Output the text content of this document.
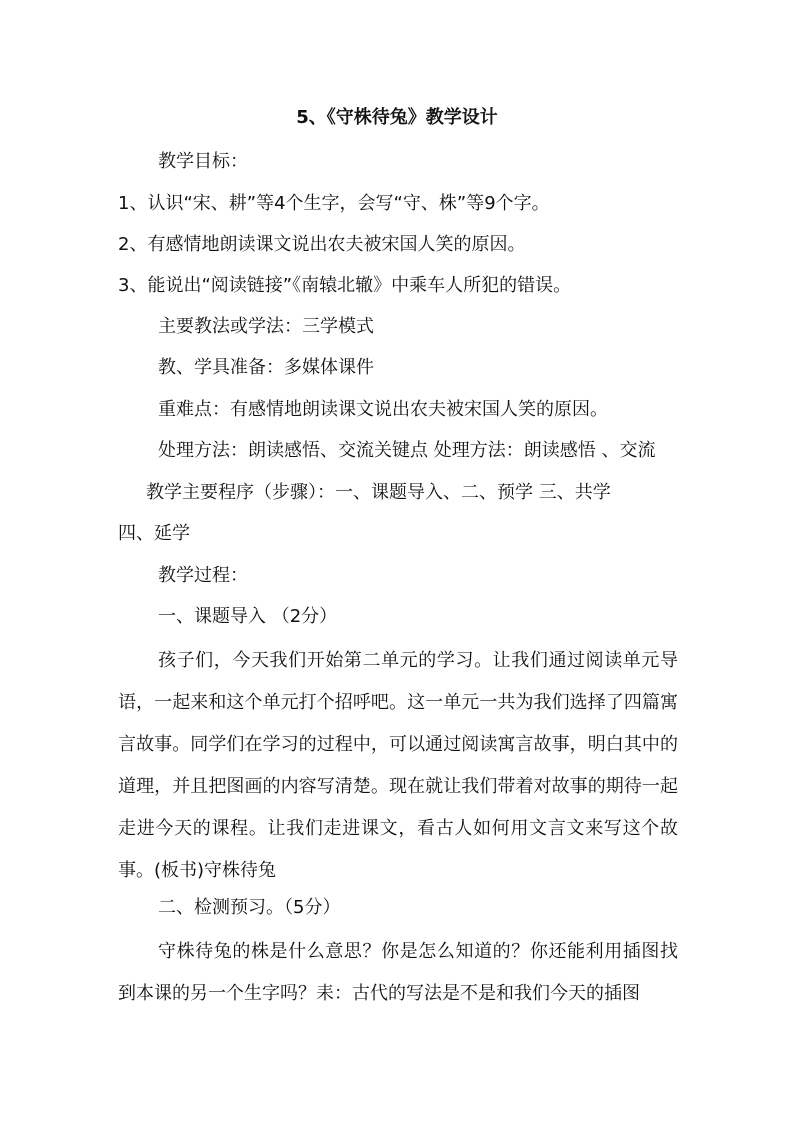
5、《守株待兔》教学设计

教学目标：

1、认识“宋、耕”等4个生字，会写“守、株”等9个字。

2、有感情地朗读课文说出农夫被宋国人笑的原因。

3、能说出“阅读链接”《南辕北辙》中乘车人所犯的错误。

主要教法或学法：三学模式

教、学具准备：多媒体课件

重难点：有感情地朗读课文说出农夫被宋国人笑的原因。

处理方法：朗读感悟、交流关键点 处理方法：朗读感悟 、交流

教学主要程序（步骤）：一、课题导入、二、预学 三、共学

四、延学

教学过程：

一、课题导入 （2分）

孩子们，今天我们开始第二单元的学习。让我们通过阅读单元导语，一起来和这个单元打个招呼吧。这一单元一共为我们选择了四篇寓言故事。同学们在学习的过程中，可以通过阅读寓言故事，明白其中的道理，并且把图画的内容写清楚。现在就让我们带着对故事的期待一起走进今天的课程。让我们走进课文，看古人如何用文言文来写这个故事。(板书)守株待兔

二、检测预习。（5分）

守株待兔的株是什么意思？你是怎么知道的？你还能利用插图找到本课的另一个生字吗？耒：古代的写法是不是和我们今天的插图
